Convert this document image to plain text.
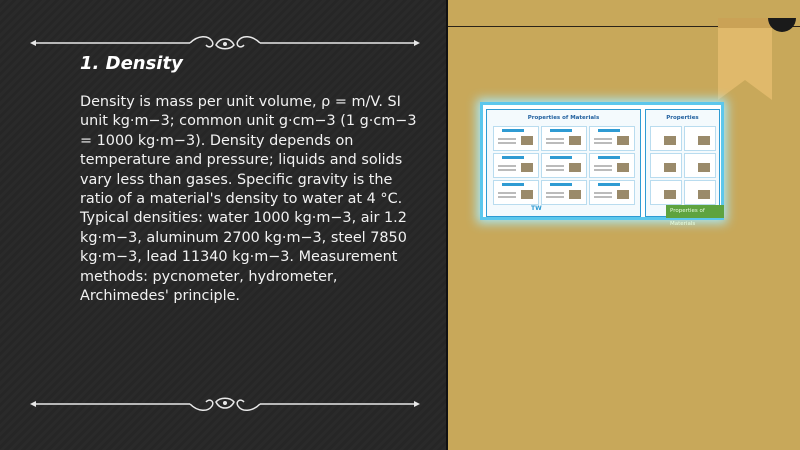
1. Density

Density is mass per unit volume, ρ = m/V. SI unit kg·m−3; common unit g·cm−3 (1 g·cm−3 = 1000 kg·m−3). Density depends on temperature and pressure; liquids and solids vary less than gases. Specific gravity is the ratio of a material's density to water at 4 °C. Typical densities: water 1000 kg·m−3, air 1.2 kg·m−3, aluminum 2700 kg·m−3, steel 7850 kg·m−3, lead 11340 kg·m−3. Measurement methods: pycnometer, hydrometer, Archimedes' principle.

Properties of Materials
TW
Properties
Properties of Materials
